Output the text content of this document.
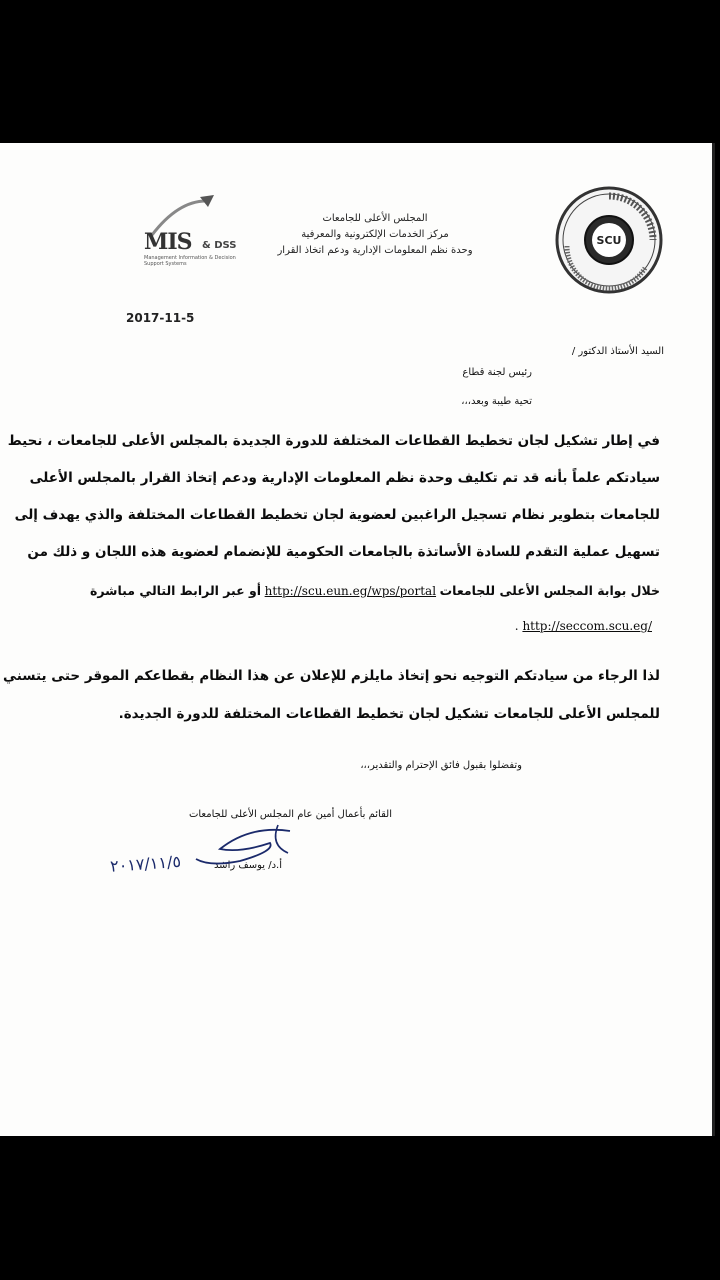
SCU
المجلس الأعلى للجامعات
مركز الخدمات الإلكترونية والمعرفية
وحدة نظم المعلومات الإدارية ودعم اتخاذ القرار
MIS & DSS
Management Information & Decision Support Systems
2017-11-5
السيد الأستاذ الدكتور /
رئيس لجنة قطاع
تحية طيبة وبعد،،،
في إطار تشكيل لجان تخطيط القطاعات المختلفة للدورة الجديدة بالمجلس الأعلى للجامعات ، نحيط
سيادتكم علماً بأنه قد تم تكليف وحدة نظم المعلومات الإدارية ودعم إتخاذ القرار بالمجلس الأعلى
للجامعات بتطوير نظام تسجيل الراغبين لعضوية لجان تخطيط القطاعات المختلفة والذي يهدف إلى
تسهيل عملية التقدم للسادة الأساتذة بالجامعات الحكومية للإنضمام لعضوية هذه اللجان و ذلك من
خلال بوابة المجلس الأعلى للجامعات
http://scu.eun.eg/wps/portal
أو عبر الرابط التالي مباشرة
. http://seccom.scu.eg/
لذا الرجاء من سيادتكم التوجيه نحو إتخاذ مايلزم للإعلان عن هذا النظام بقطاعكم الموقر حتى يتسني
للمجلس الأعلى للجامعات تشكيل لجان تخطيط القطاعات المختلفة للدورة الجديدة.
وتفضلوا بقبول فائق الإحترام والتقدير،،،
القائم بأعمال أمين عام المجلس الأعلى للجامعات
أ.د/ يوسف راشد
٢٠١٧/١١/٥
